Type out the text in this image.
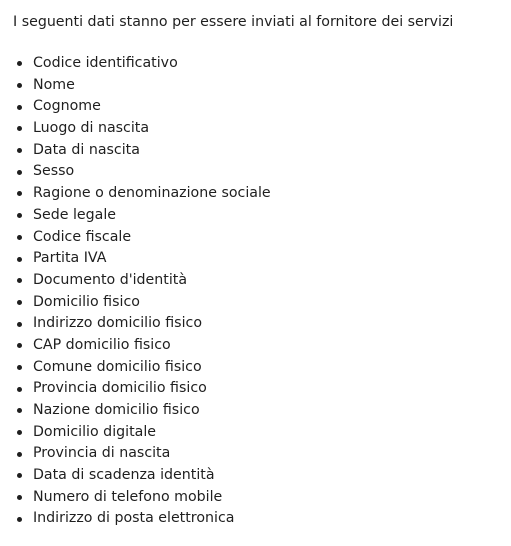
I seguenti dati stanno per essere inviati al fornitore dei servizi
Codice identificativo
Nome
Cognome
Luogo di nascita
Data di nascita
Sesso
Ragione o denominazione sociale
Sede legale
Codice fiscale
Partita IVA
Documento d'identità
Domicilio fisico
Indirizzo domicilio fisico
CAP domicilio fisico
Comune domicilio fisico
Provincia domicilio fisico
Nazione domicilio fisico
Domicilio digitale
Provincia di nascita
Data di scadenza identità
Numero di telefono mobile
Indirizzo di posta elettronica
